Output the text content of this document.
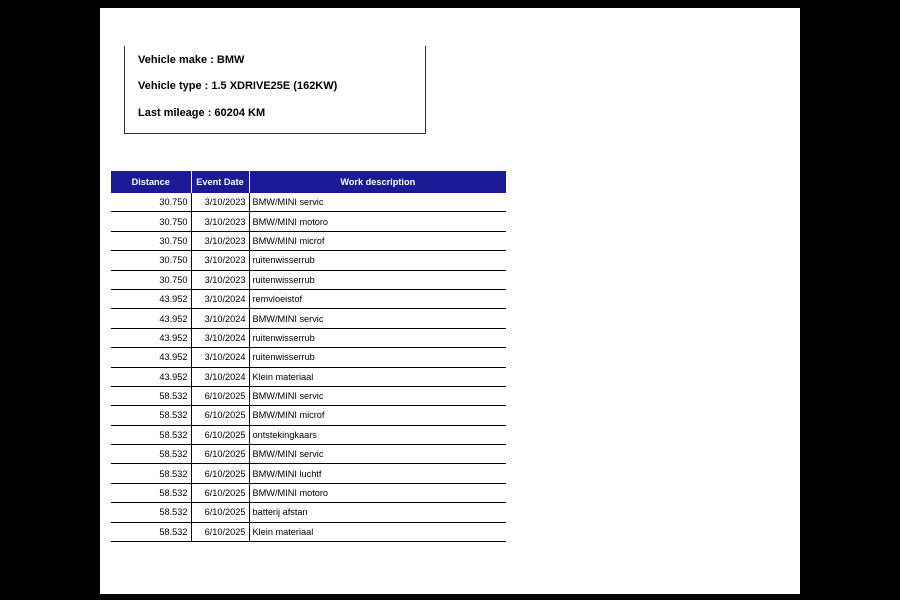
Vehicle make : BMW
Vehicle type : 1.5 XDRIVE25E (162KW)
Last mileage : 60204 KM
Distance	Event Date	Work description
30.750	3/10/2023	BMW/MINI servic
30.750	3/10/2023	BMW/MINI motoro
30.750	3/10/2023	BMW/MINI microf
30.750	3/10/2023	ruitenwisserrub
30.750	3/10/2023	ruitenwisserrub
43.952	3/10/2024	remvloeistof
43.952	3/10/2024	BMW/MINI servic
43.952	3/10/2024	ruitenwisserrub
43.952	3/10/2024	ruitenwisserrub
43.952	3/10/2024	Klein materiaal
58.532	6/10/2025	BMW/MINI servic
58.532	6/10/2025	BMW/MINI microf
58.532	6/10/2025	ontstekingkaars
58.532	6/10/2025	BMW/MINI servic
58.532	6/10/2025	BMW/MINI luchtf
58.532	6/10/2025	BMW/MINI motoro
58.532	6/10/2025	batterij afstan
58.532	6/10/2025	Klein materiaal
